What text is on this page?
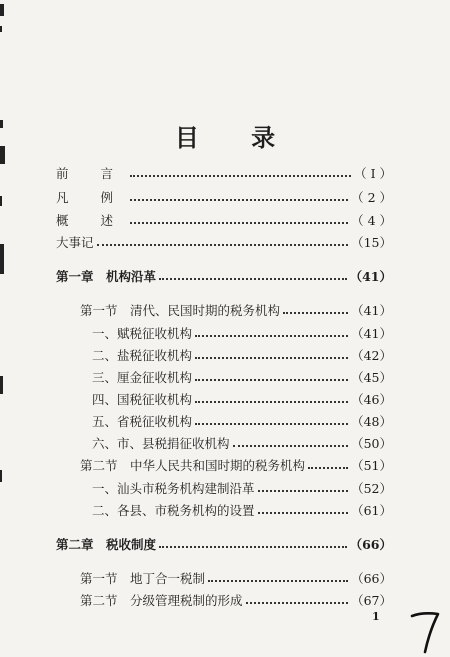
目 录
前 言	（ I ）
凡 例	（ 2 ）
概 述	（ 4 ）
大事记	（15）
第一章　机构沿革	（41）
第一节　清代、民国时期的税务机构	（41）
一、赋税征收机构	（41）
二、盐税征收机构	（42）
三、厘金征收机构	（45）
四、国税征收机构	（46）
五、省税征收机构	（48）
六、市、县税捐征收机构	（50）
第二节　中华人民共和国时期的税务机构	（51）
一、汕头市税务机构建制沿革	（52）
二、各县、市税务机构的设置	（61）
第二章　税收制度	（66）
第一节　地丁合一税制	（66）
第二节　分级管理税制的形成	（67）
1
